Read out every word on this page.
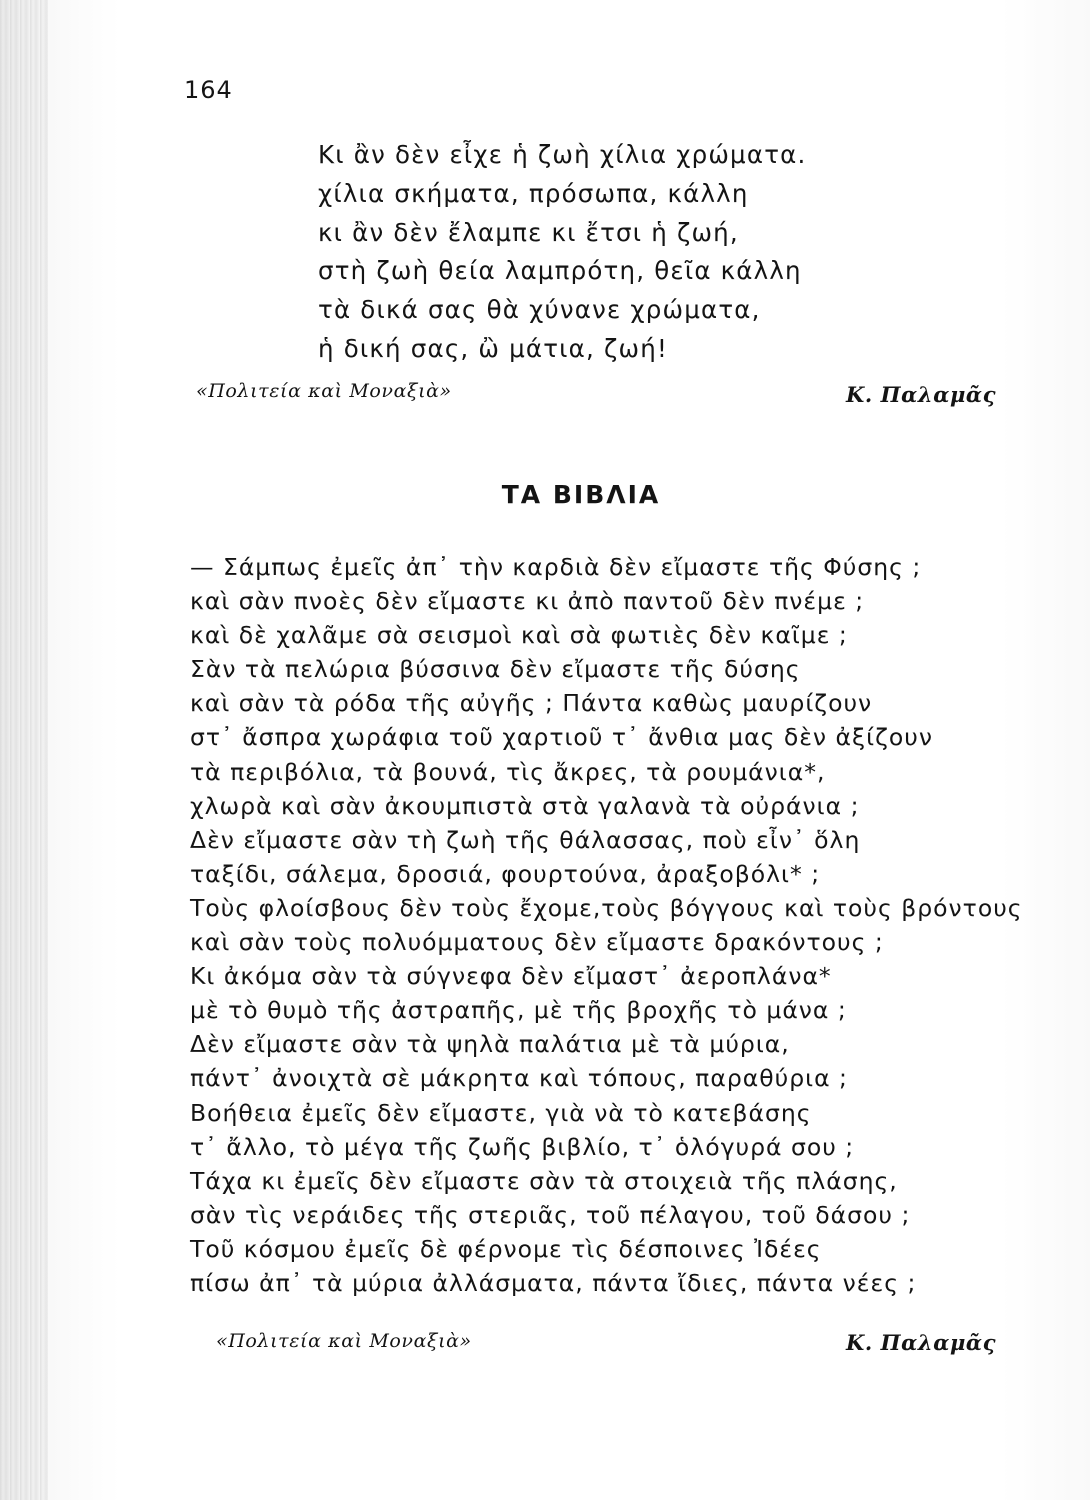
164

Κι ἂν δὲν εἶχε ἡ ζωὴ χίλια χρώματα.
χίλια σκήματα, πρόσωπα, κάλλη
κι ἂν δὲν ἔλαμπε κι ἔτσι ἡ ζωή,
στὴ ζωὴ θεία λαμπρότη, θεῖα κάλλη
τὰ δικά σας θὰ χύνανε χρώματα,
ἡ δική σας, ὢ μάτια, ζωή!
«Πολιτεία καὶ Μοναξιὰ»	Κ. Παλαμᾶς
ΤΑ ΒΙΒΛΙΑ
— Σάμπως ἐμεῖς ἀπ᾽ τὴν καρδιὰ δὲν εἴμαστε τῆς Φύσης ;
καὶ σὰν πνοὲς δὲν εἴμαστε κι ἀπὸ παντοῦ δὲν πνέμε ;
καὶ δὲ χαλᾶμε σὰ σεισμοὶ καὶ σὰ φωτιὲς δὲν καῖμε ;
Σὰν τὰ πελώρια βύσσινα δὲν εἴμαστε τῆς δύσης
καὶ σὰν τὰ ρόδα τῆς αὐγῆς ; Πάντα καθὼς μαυρίζουν
στ᾽ ἄσπρα χωράφια τοῦ χαρτιοῦ τ᾽ ἄνθια μας δὲν ἀξίζουν
τὰ περιβόλια, τὰ βουνά, τὶς ἄκρες, τὰ ρουμάνια*,
χλωρὰ καὶ σὰν ἀκουμπιστὰ στὰ γαλανὰ τὰ οὐράνια ;
Δὲν εἴμαστε σὰν τὴ ζωὴ τῆς θάλασσας, ποὺ εἶν᾽ ὅλη
ταξίδι, σάλεμα, δροσιά, φουρτούνα, ἀραξοβόλι* ;
Τοὺς φλοίσβους δὲν τοὺς ἔχομε,τοὺς βόγγους καὶ τοὺς βρόντους
καὶ σὰν τοὺς πολυόμματους δὲν εἴμαστε δρακόντους ;
Κι ἀκόμα σὰν τὰ σύγνεφα δὲν εἴμαστ᾽ ἀεροπλάνα*
μὲ τὸ θυμὸ τῆς ἀστραπῆς, μὲ τῆς βροχῆς τὸ μάνα ;
Δὲν εἴμαστε σὰν τὰ ψηλὰ παλάτια μὲ τὰ μύρια,
πάντ᾽ ἀνοιχτὰ σὲ μάκρητα καὶ τόπους, παραθύρια ;
Βοήθεια ἐμεῖς δὲν εἴμαστε, γιὰ νὰ τὸ κατεβάσης
τ᾽ ἄλλο, τὸ μέγα τῆς ζωῆς βιβλίο, τ᾽ ὁλόγυρά σου ;
Τάχα κι ἐμεῖς δὲν εἴμαστε σὰν τὰ στοιχειὰ τῆς πλάσης,
σὰν τὶς νεράιδες τῆς στεριᾶς, τοῦ πέλαγου, τοῦ δάσου ;
Τοῦ κόσμου ἐμεῖς δὲ φέρνομε τὶς δέσποινες Ἰδέες
πίσω ἀπ᾽ τὰ μύρια ἀλλάσματα, πάντα ἴδιες, πάντα νέες ;
«Πολιτεία καὶ Μοναξιὰ»	Κ. Παλαμᾶς
